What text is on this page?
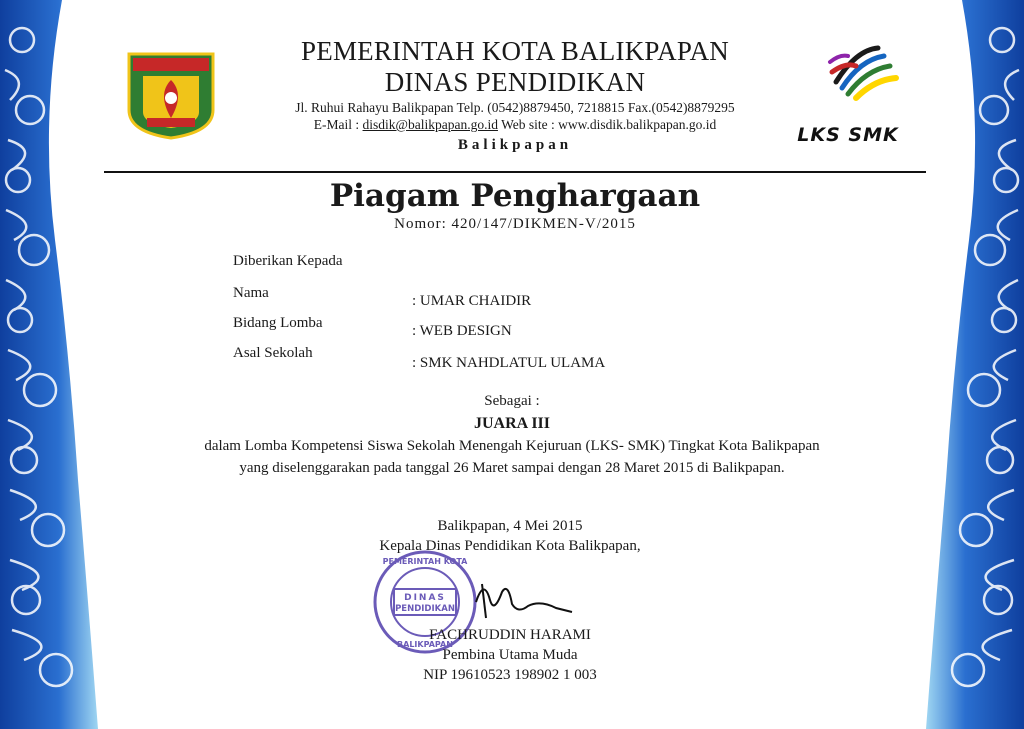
LKS SMK
PEMERINTAH KOTA BALIKPAPAN
DINAS PENDIDIKAN
Jl. Ruhui Rahayu Balikpapan Telp. (0542)8879450, 7218815 Fax.(0542)8879295
E-Mail : disdik@balikpapan.go.id Web site : www.disdik.balikpapan.go.id
Balikpapan
Piagam Penghargaan
Nomor: 420/147/DIKMEN-V/2015
Diberikan Kepada
Nama	: UMAR CHAIDIR
Bidang Lomba	: WEB DESIGN
Asal Sekolah
: SMK NAHDLATUL ULAMA
Sebagai :
JUARA III
dalam Lomba Kompetensi Siswa Sekolah Menengah Kejuruan (LKS- SMK) Tingkat Kota Balikpapan
yang diselenggarakan pada tanggal 26 Maret sampai dengan 28 Maret 2015 di Balikpapan.
Balikpapan, 4 Mei 2015
Kepala Dinas Pendidikan Kota Balikpapan,
DINAS
PENDIDIKAN
PEMERINTAH KOTA
BALIKPAPAN
FACHRUDDIN HARAMI
Pembina Utama Muda
NIP 19610523 198902 1 003
